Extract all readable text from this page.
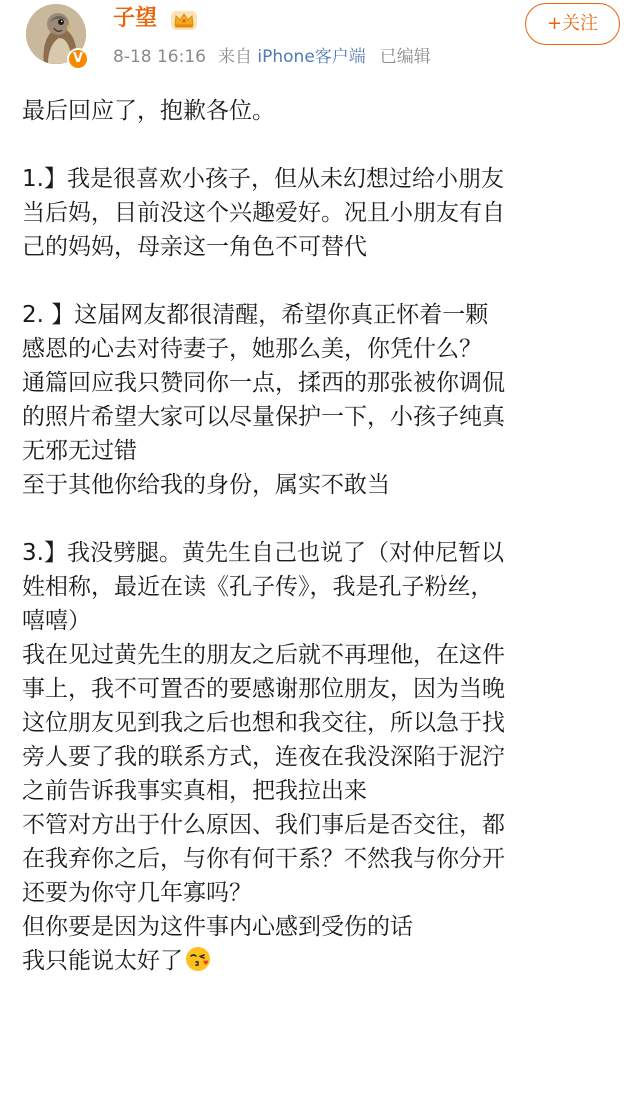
V
子望
8-18 16:16 来自 iPhone客户端 已编辑
+关注
最后回应了，抱歉各位。
1.】我是很喜欢小孩子，但从未幻想过给小朋友
当后妈，目前没这个兴趣爱好。况且小朋友有自
己的妈妈，母亲这一角色不可替代
2. 】这届网友都很清醒，希望你真正怀着一颗
感恩的心去对待妻子，她那么美，你凭什么？
通篇回应我只赞同你一点，揉西的那张被你调侃
的照片希望大家可以尽量保护一下，小孩子纯真
无邪无过错
至于其他你给我的身份，属实不敢当
3.】我没劈腿。黄先生自己也说了（对仲尼暂以
姓相称，最近在读《孔子传》，我是孔子粉丝，
嘻嘻）
我在见过黄先生的朋友之后就不再理他，在这件
事上，我不可置否的要感谢那位朋友，因为当晚
这位朋友见到我之后也想和我交往，所以急于找
旁人要了我的联系方式，连夜在我没深陷于泥泞
之前告诉我事实真相，把我拉出来
不管对方出于什么原因、我们事后是否交往，都
在我弃你之后，与你有何干系？不然我与你分开
还要为你守几年寡吗？
但你要是因为这件事内心感到受伤的话
我只能说太好了
